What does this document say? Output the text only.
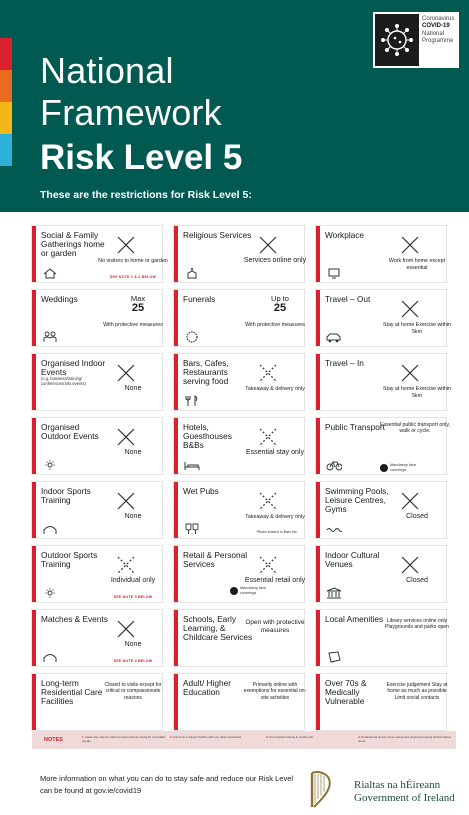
National
Framework
Risk Level 5
These are the restrictions for Risk Level 5:
Coronavirus
COVID-19
National
Programme
Social & Family Gatherings home or garden
No visitors to home or garden
SEE NOTE 1 & 2 BELOW
Religious Services
Services online only
Workplace
Work from home except essential
Weddings	Max
25
With protective measures
Funerals	Up to
25
With protective measures
Travel – Out
Stay at home Exercise within 5km
Organised Indoor Events
(e.g. business/training/ conferences/arts events)
None
Bars, Cafes, Restaurants serving food
Takeaway & delivery only
Travel – In
Stay at home Exercise within 5km
Organised Outdoor Events
None
Hotels, Guesthouses B&Bs
Essential stay only
Public Transport
Essential public transport only, walk or cycle.
Mandatory face coverings
Indoor Sports Training
None
Wet Pubs
Takeaway & delivery only
*Rules shared in Bars etc.
Swimming Pools, Leisure Centres, Gyms
Closed
Outdoor Sports Training
Individual only
SEE NOTE 3 BELOW
Retail & Personal Services
Essential retail only
Mandatory face coverings
Indoor Cultural Venues
Closed
Matches & Events
None
SEE NOTE 4 BELOW
Schools, Early Learning, & Childcare Services
Open with protective measures
Local Amenities Library services online only Playgrounds and parks open
Long-term Residential Care Facilities
Closed to visits except for critical or compassionate reasons
Adult/ Higher Education
Primarily online with exemptions for essential on-site activities
Over 70s & Medically Vulnerable
Exercise judgement Stay at home as much as possible Limit social contacts
NOTES	1. Visits may only be made for work such as caring for vulnerable people.
2. Can form a support bubble with one other household.	3. Non-contact training in small pods.	4. Professional sports, horse racing and greyhound racing behind closed doors.
More information on what you can do to stay safe and reduce our Risk Level can be found at gov.ie/covid19	Rialtas na hÉireann
Government of Ireland
